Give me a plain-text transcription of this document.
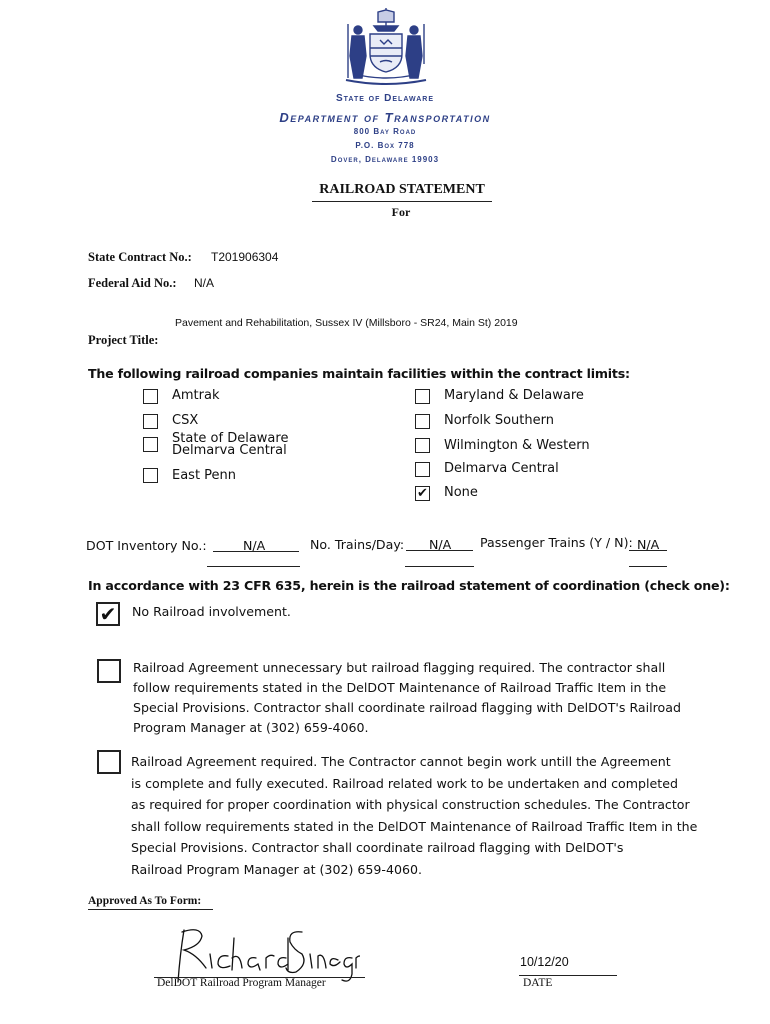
State of Delaware
Department of Transportation
800 Bay Road
P.O. Box 778
Dover, Delaware 19903
RAILROAD STATEMENT
For
State Contract No.: T201906304
Federal Aid No.: N/A
Pavement and Rehabilitation, Sussex IV (Millsboro - SR24, Main St) 2019
Project Title:
The following railroad companies maintain facilities within the contract limits:
Amtrak
CSX
State of Delaware
Delmarva Central
East Penn
Maryland & Delaware
Norfolk Southern
Wilmington & Western
Delmarva Central
✔ None
DOT Inventory No.:	N/A	No. Trains/Day: N/A Passenger Trains (Y / N): N/A
In accordance with 23 CFR 635, herein is the railroad statement of coordination (check one):
✔ No Railroad involvement.
Railroad Agreement unnecessary but railroad flagging required. The contractor shall
follow requirements stated in the DelDOT Maintenance of Railroad Traffic Item in the
Special Provisions. Contractor shall coordinate railroad flagging with DelDOT's Railroad
Program Manager at (302) 659-4060.
Railroad Agreement required. The Contractor cannot begin work untill the Agreement
is complete and fully executed. Railroad related work to be undertaken and completed
as required for proper coordination with physical construction schedules. The Contractor
shall follow requirements stated in the DelDOT Maintenance of Railroad Traffic Item in the
Special Provisions. Contractor shall coordinate railroad flagging with DelDOT's
Railroad Program Manager at (302) 659-4060.
Approved As To Form:
DelDOT Railroad Program Manager
10/12/20
DATE
